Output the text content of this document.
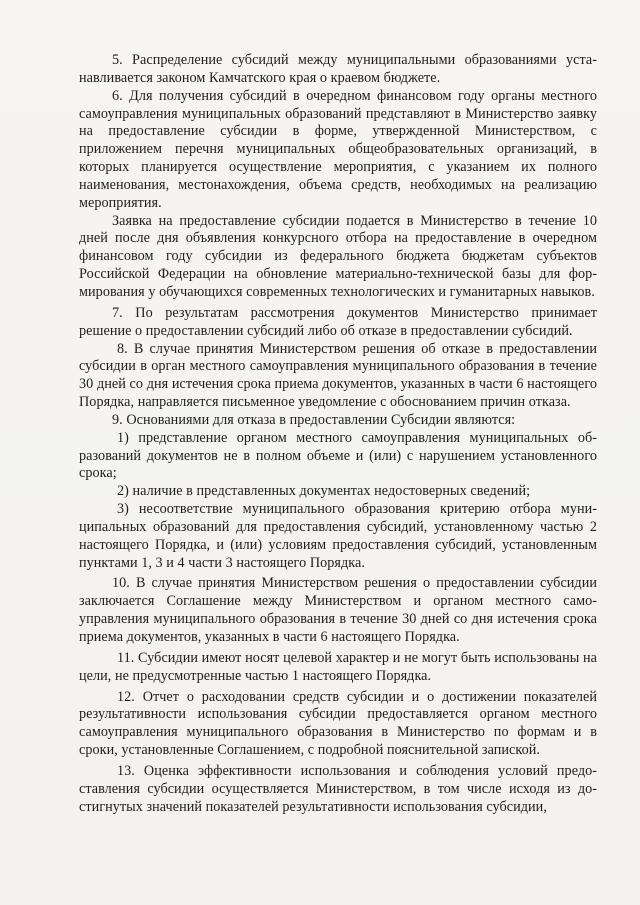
5. Распределение субсидий между муниципальными образованиями устанавливается законом Камчатского края о краевом бюджете.

6. Для получения субсидий в очередном финансовом году органы местного самоуправления муниципальных образований представляют в Министерство заявку на предоставление субсидии в форме, утвержденной Министерством, с приложением перечня муниципальных общеобразовательных организаций, в которых планируется осуществление мероприятия, с указанием их полного наименования, местонахождения, объема средств, необходимых на реализацию мероприятия.

Заявка на предоставление субсидии подается в Министерство в течение 10 дней после дня объявления конкурсного отбора на предоставление в очередном финансовом году субсидии из федерального бюджета бюджетам субъектов Российской Федерации на обновление материально-технической базы для формирования у обучающихся современных технологических и гуманитарных навыков.

7. По результатам рассмотрения документов Министерство принимает решение о предоставлении субсидий либо об отказе в предоставлении субсидий.

8. В случае принятия Министерством решения об отказе в предоставлении субсидии в орган местного самоуправления муниципального образования в течение 30 дней со дня истечения срока приема документов, указанных в части 6 настоящего Порядка, направляется письменное уведомление с обоснованием причин отказа.

9. Основаниями для отказа в предоставлении Субсидии являются:

1) представление органом местного самоуправления муниципальных образований документов не в полном объеме и (или) с нарушением установленного срока;

2) наличие в представленных документах недостоверных сведений;

3) несоответствие муниципального образования критерию отбора муниципальных образований для предоставления субсидий, установленному частью 2 настоящего Порядка, и (или) условиям предоставления субсидий, установленным пунктами 1, 3 и 4 части 3 настоящего Порядка.

10. В случае принятия Министерством решения о предоставлении субсидии заключается Соглашение между Министерством и органом местного самоуправления муниципального образования в течение 30 дней со дня истечения срока приема документов, указанных в части 6 настоящего Порядка.

11. Субсидии имеют носят целевой характер и не могут быть использованы на цели, не предусмотренные частью 1 настоящего Порядка.

12. Отчет о расходовании средств субсидии и о достижении показателей результативности использования субсидии предоставляется органом местного самоуправления муниципального образования в Министерство по формам и в сроки, установленные Соглашением, с подробной пояснительной запиской.

13. Оценка эффективности использования и соблюдения условий предоставления субсидии осуществляется Министерством, в том числе исходя из достигнутых значений показателей результативности использования субсидии,
